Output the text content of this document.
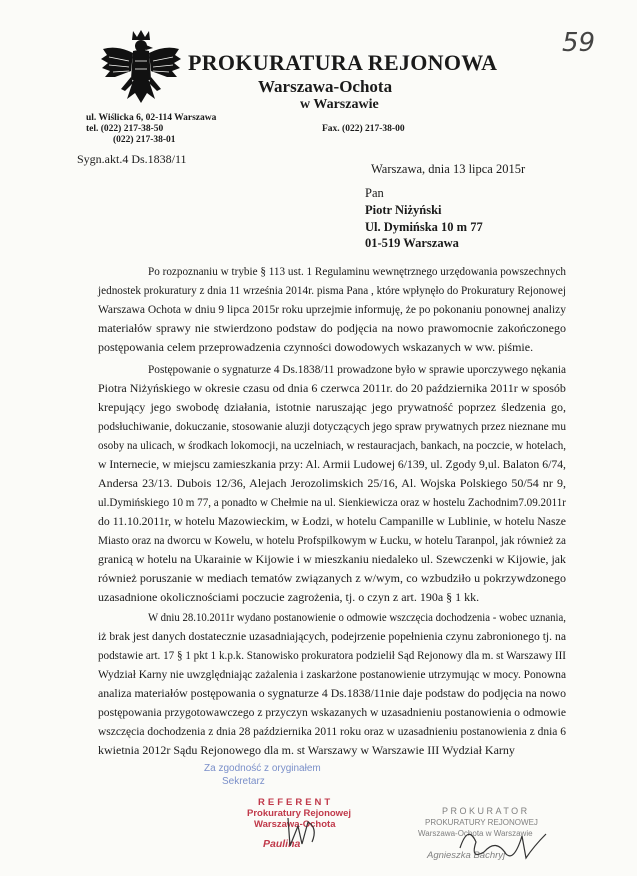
59
PROKURATURA REJONOWA
Warszawa-Ochota
w Warszawie
ul. Wiślicka 6, 02-114 Warszawa
tel. (022) 217-38-50
(022) 217-38-01
Fax. (022) 217-38-00
Sygn.akt.4 Ds.1838/11
Warszawa, dnia 13 lipca 2015r
Pan
Piotr Niżyński
Ul. Dymińska 10 m 77
01-519 Warszawa
Po rozpoznaniu w trybie § 113 ust. 1 Regulaminu wewnętrznego urzędowania powszechnych
jednostek prokuratury z dnia 11 września 2014r. pisma Pana , które wpłynęło do Prokuratury Rejonowej
Warszawa Ochota w dniu 9 lipca 2015r roku uprzejmie informuję, że po pokonaniu ponownej analizy
materiałów sprawy nie stwierdzono podstaw do podjęcia na nowo prawomocnie zakończonego
postępowania celem przeprowadzenia czynności dowodowych wskazanych w ww. piśmie.
Postępowanie o sygnaturze 4 Ds.1838/11 prowadzone było w sprawie uporczywego nękania
Piotra Niżyńskiego w okresie czasu od dnia 6 czerwca 2011r. do 20 października 2011r w sposób
krepujący jego swobodę działania, istotnie naruszając jego prywatność poprzez śledzenia go,
podsłuchiwanie, dokuczanie, stosowanie aluzji dotyczących jego spraw prywatnych przez nieznane mu
osoby na ulicach, w środkach lokomocji, na uczelniach, w restauracjach, bankach, na poczcie, w hotelach,
w Internecie, w miejscu zamieszkania przy: Al. Armii Ludowej 6/139, ul. Zgody 9,ul. Balaton 6/74,
Andersa 23/13. Dubois 12/36, Alejach Jerozolimskich 25/16, Al. Wojska Polskiego 50/54 nr 9,
ul.Dymińskiego 10 m 77, a ponadto w Chełmie na ul. Sienkiewicza oraz w hostelu Zachodnim7.09.2011r
do 11.10.2011r, w hotelu Mazowieckim, w Łodzi, w hotelu Campanille w Lublinie, w hotelu Nasze
Miasto oraz na dworcu w Kowelu, w hotelu Profspilkowym w Łucku, w hotelu Taranpol, jak również za
granicą w hotelu na Ukarainie w Kijowie i w mieszkaniu niedaleko ul. Szewczenki w Kijowie, jak
również poruszanie w mediach tematów związanych z w/wym, co wzbudziło u pokrzywdzonego
uzasadnione okolicznościami poczucie zagrożenia, tj. o czyn z art. 190a § 1 kk.
W dniu 28.10.2011r wydano postanowienie o odmowie wszczęcia dochodzenia - wobec uznania,
iż brak jest danych dostatecznie uzasadniających, podejrzenie popełnienia czynu zabronionego tj. na
podstawie art. 17 § 1 pkt 1 k.p.k. Stanowisko prokuratora podzielił Sąd Rejonowy dla m. st Warszawy III
Wydział Karny nie uwzględniając zażalenia i zaskarżone postanowienie utrzymując w mocy. Ponowna
analiza materiałów postępowania o sygnaturze 4 Ds.1838/11nie daje podstaw do podjęcia na nowo
postępowania przygotowawczego z przyczyn wskazanych w uzasadnieniu postanowienia o odmowie
wszczęcia dochodzenia z dnia 28 października 2011 roku oraz w uzasadnieniu postanowienia z dnia 6
kwietnia 2012r Sądu Rejonowego dla m. st Warszawy w Warszawie III Wydział Karny
Za zgodność z oryginałem
Sekretarz
REFERENT
Prokuratury Rejonowej
Warszawa-Ochota
Paulina
PROKURATOR
PROKURATURY REJONOWEJ
Warszawa-Ochota w Warszawie
Agnieszka Bachryj
